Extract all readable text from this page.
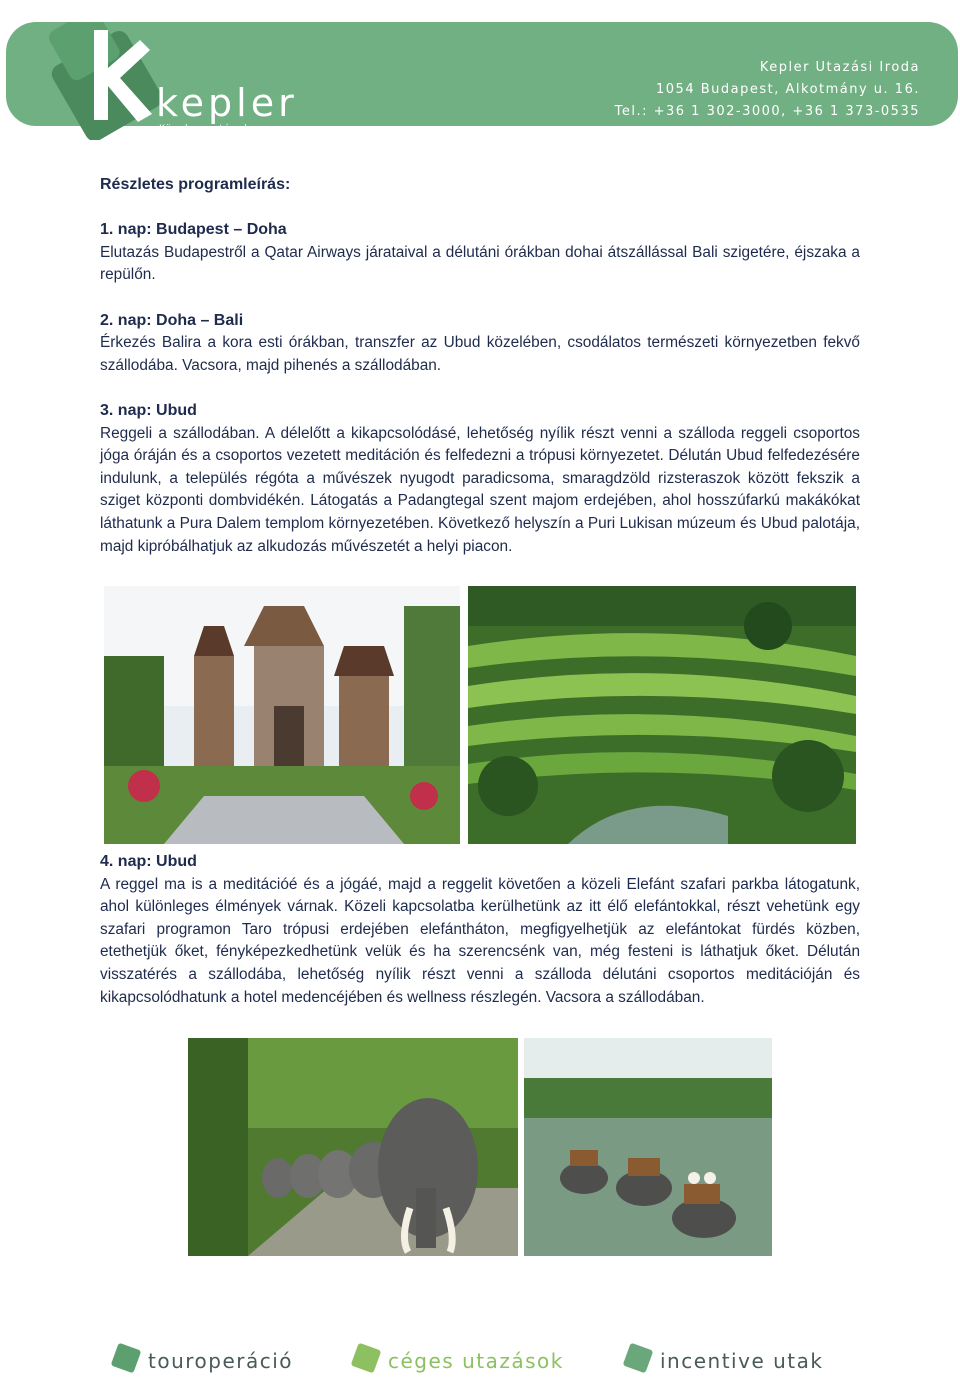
kepler
Közel sem távol
Kepler Utazási Iroda
1054 Budapest, Alkotmány u. 16.
Tel.: +36 1 302-3000, +36 1 373-0535
Fax: +36 1 373-0536, office@kepler.hu, www.kepler.hu
Részletes programleírás:
1. nap: Budapest – Doha

Elutazás Budapestről a Qatar Airways járataival a délutáni órákban dohai átszállással Bali szigetére, éjszaka a repülőn.

2. nap: Doha – Bali

Érkezés Balira a kora esti órákban, transzfer az Ubud közelében, csodálatos természeti környezetben fekvő szállodába. Vacsora, majd pihenés a szállodában.

3. nap: Ubud

Reggeli a szállodában. A délelőtt a kikapcsolódásé, lehetőség nyílik részt venni a szálloda reggeli csoportos jóga óráján és a csoportos vezetett meditáción és felfedezni a trópusi környezetet. Délután Ubud felfedezésére indulunk, a település régóta a művészek nyugodt paradicsoma, smaragdzöld rizsteraszok között fekszik a sziget központi dombvidékén. Látogatás a Padangtegal szent majom erdejében, ahol hosszúfarkú makákókat láthatunk a Pura Dalem templom környezetében. Következő helyszín a Puri Lukisan múzeum és Ubud palotája, majd kipróbálhatjuk az alkudozás művészetét a helyi piacon.

4. nap: Ubud

A reggel ma is a meditációé és a jógáé, majd a reggelit követően a közeli Elefánt szafari parkba látogatunk, ahol különleges élmények várnak. Közeli kapcsolatba kerülhetünk az itt élő elefántokkal, részt vehetünk egy szafari programon Taro trópusi erdejében elefántháton, megfigyelhetjük az elefántokat fürdés közben, etethetjük őket, fényképezkedhetünk velük és ha szerencsénk van, még festeni is láthatjuk őket. Délután visszatérés a szállodába, lehetőség nyílik részt venni a szálloda délutáni csoportos meditációján és kikapcsolódhatunk a hotel medencéjében és wellness részlegén. Vacsora a szállodában.

touroperáció	céges utazások	incentive utak
